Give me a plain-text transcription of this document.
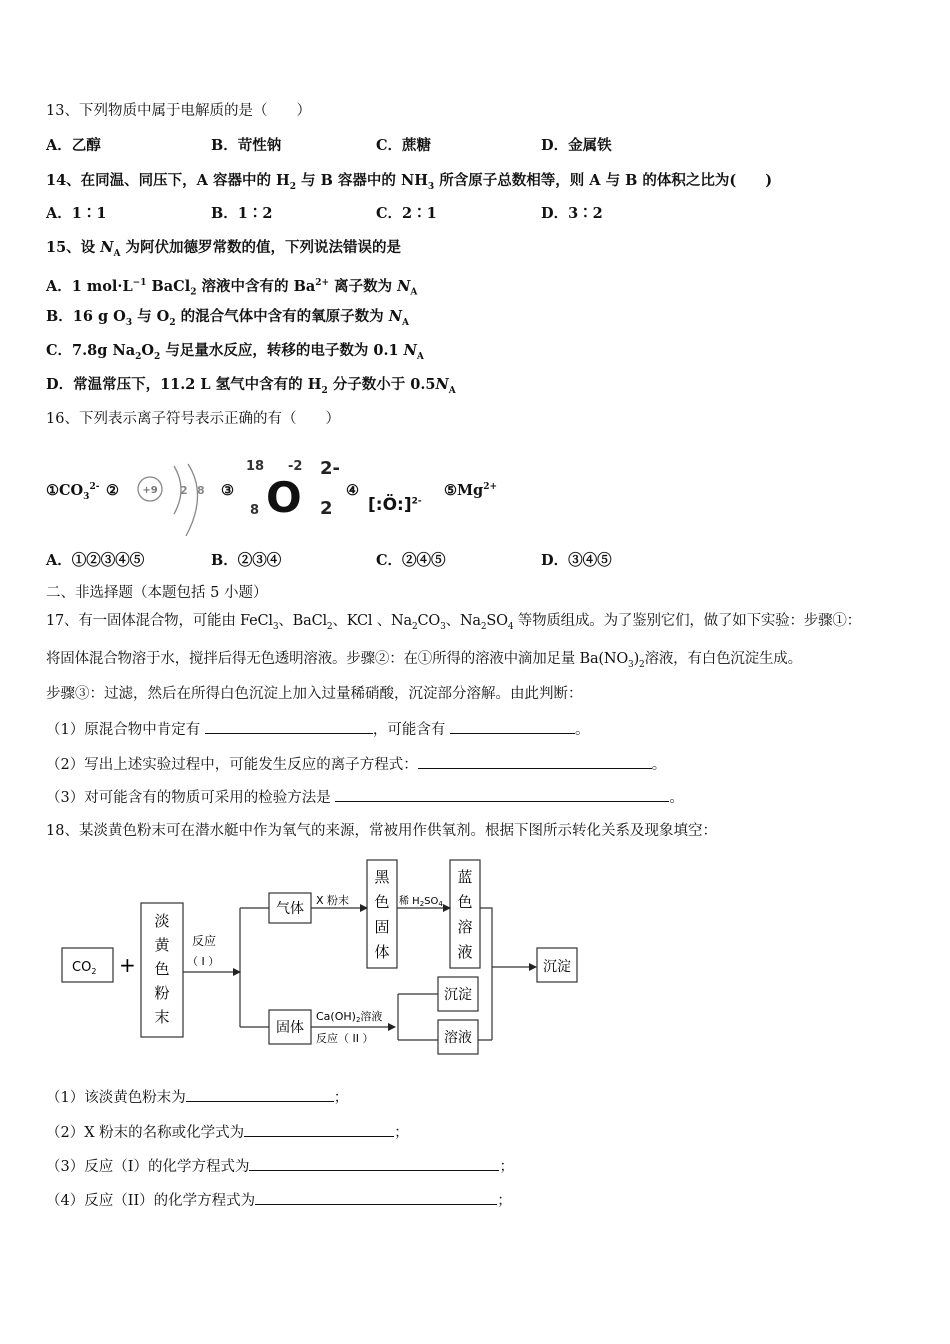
13、下列物质中属于电解质的是（　　）
A．乙醇	B．苛性钠	C．蔗糖	D．金属铁
14、在同温、同压下，A 容器中的 $H_2$ 与 B 容器中的 $NH_3$ 所含原子总数相等，则 A 与 B 的体积之比为(　　)
A．1∶1	B．1∶2	C．2∶1	D．3∶2
15、设 $N_A$ 为阿伏加德罗常数的值，下列说法错误的是
A．1 $mol\cdot L^{-1}$ BaCl$_2$ 溶液中含有的 $Ba^{2+}$ 离子数为 $N_A$
B．16 g $O_3$ 与 $O_2$ 的混合气体中含有的氧原子数为 $N_A$
C．7.8g $Na_2O_2$ 与足量水反应，转移的电子数为 0.1 $N_A$
D．常温常压下，11.2 L 氢气中含有的 $H_2$ 分子数小于 $0.5N_A$
16、下列表示离子符号表示正确的有（　　）
$①CO_3^{2-}$ ② +9 2 8 ③
18 -2 2-
8 O 2
④
[:Ö:]$^{2-}$
$⑤Mg^{2+}$
A．①②③④⑤	B．②③④	C．②④⑤	D．③④⑤
二、非选择题（本题包括 5 小题）
17、有一固体混合物，可能由 FeCl$_3$、BaCl$_2$、KCl 、$Na_2CO_3$、$Na_2SO_4$ 等物质组成。为了鉴别它们，做了如下实验：步骤①：
将固体混合物溶于水，搅拌后得无色透明溶液。步骤②：在①所得的溶液中滴加足量 $Ba(NO_3)_2$溶液，有白色沉淀生成。
步骤③：过滤，然后在所得白色沉淀上加入过量稀硝酸，沉淀部分溶解。由此判断：
（1）原混合物中肯定有	，可能含有	。
（2）写出上述实验过程中，可能发生反应的离子方程式：	。
（3）对可能含有的物质可采用的检验方法是	。
18、某淡黄色粉末可在潜水艇中作为氧气的来源，常被用作供氧剂。根据下图所示转化关系及现象填空：
$CO_2$ +
淡
黄
色
粉
末
反应
（ I ）
气体
X 粉末
黑
色
固
体
稀 $H_2SO_4$
蓝
色
溶
液
沉淀
固体
Ca(OH)2溶液
反应（ II ）
沉淀
溶液
（1）该淡黄色粉末为	；
（2）X 粉末的名称或化学式为	；
（3）反应（I）的化学方程式为	；
（4）反应（II）的化学方程式为	；
